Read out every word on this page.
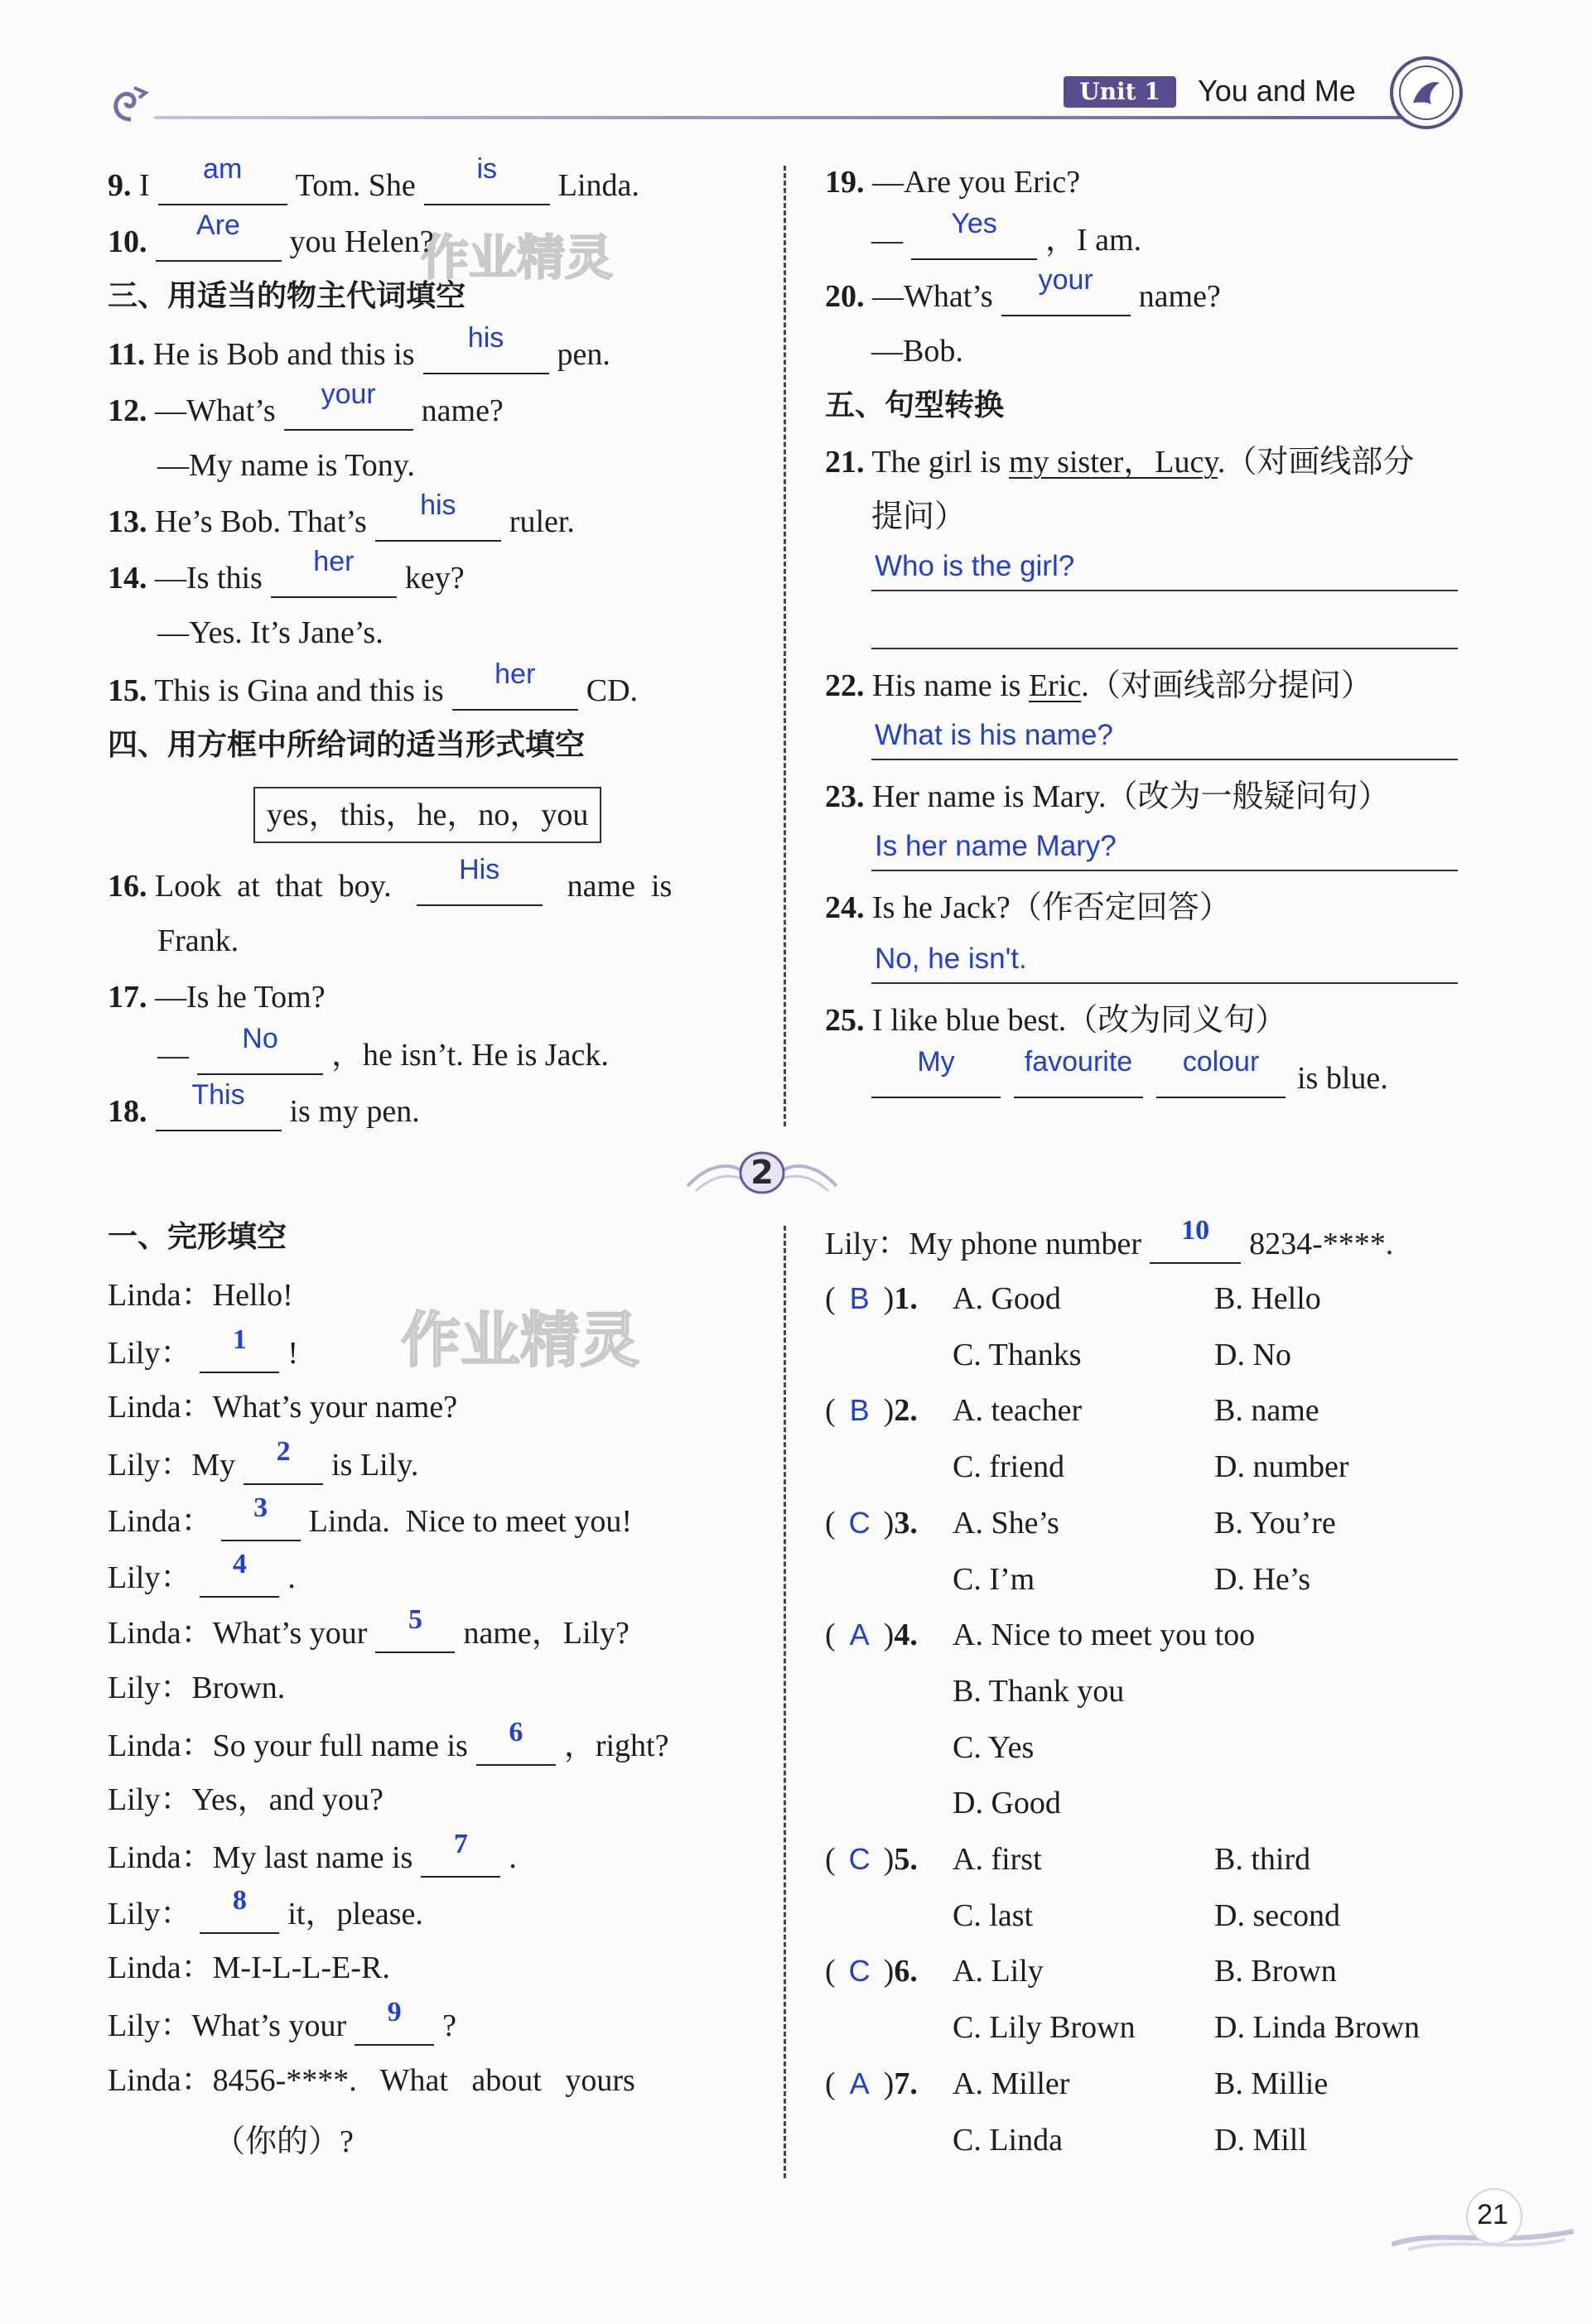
Unit 1	You and Me
9. I	am	Tom. She	is	Linda.
10.	Are	you Helen?
作业精灵
三、用适当的物主代词填空
11. He is Bob and this is	his	pen.
12. —What’s	your	name?
—My name is Tony.
13. He’s Bob. That’s	his	ruler.
14. —Is this	her	key?
—Yes. It’s Jane’s.
15. This is Gina and this is	her	CD.
四、用方框中所给词的适当形式填空
yes，this，he，no，you
16. Look  at  that  boy.	His	name  is
Frank.
17. —Is he Tom?
—	No	，he isn’t. He is Jack.
18.	This	is my pen.
19. —Are you Eric?
—	Yes	，I am.
20. —What’s	your	name?
—Bob.
五、句型转换
21. The girl is my sister，Lucy.（对画线部分
提问）
Who is the girl?
22. His name is Eric.（对画线部分提问）
What is his name?
23. Her name is Mary.（改为一般疑问句）
Is her name Mary?
24. Is he Jack?（作否定回答）
No, he isn't.
25. I like blue best.（改为同义句）
My	favourite	colour	is blue.
2
一、完形填空
作业精灵
Linda：Hello!
Lily：	1	!
Linda：What’s your name?
Lily：My	2	is Lily.
Linda：	3	Linda.  Nice to meet you!
Lily：	4	.
Linda：What’s your	5	name，Lily?
Lily：Brown.
Linda：So your full name is	6	，right?
Lily：Yes，and you?
Linda：My last name is	7	.
Lily：	8	it，please.
Linda：M-I-L-L-E-R.
Lily：What’s your	9	?
Linda：8456-****.   What   about   yours
（你的）?
Lily：My phone number	10	8234-****.
( B )1. A. Good	B. Hello
C. Thanks	D. No
( B )2. A. teacher	B. name
C. friend	D. number
( C )3. A. She’s	B. You’re
C. I’m	D. He’s
( A )4. A. Nice to meet you too
B. Thank you
C. Yes
D. Good
( C )5. A. first	B. third
C. last	D. second
( C )6. A. Lily	B. Brown
C. Lily Brown	D. Linda Brown
( A )7. A. Miller	B. Millie
C. Linda	D. Mill
21
